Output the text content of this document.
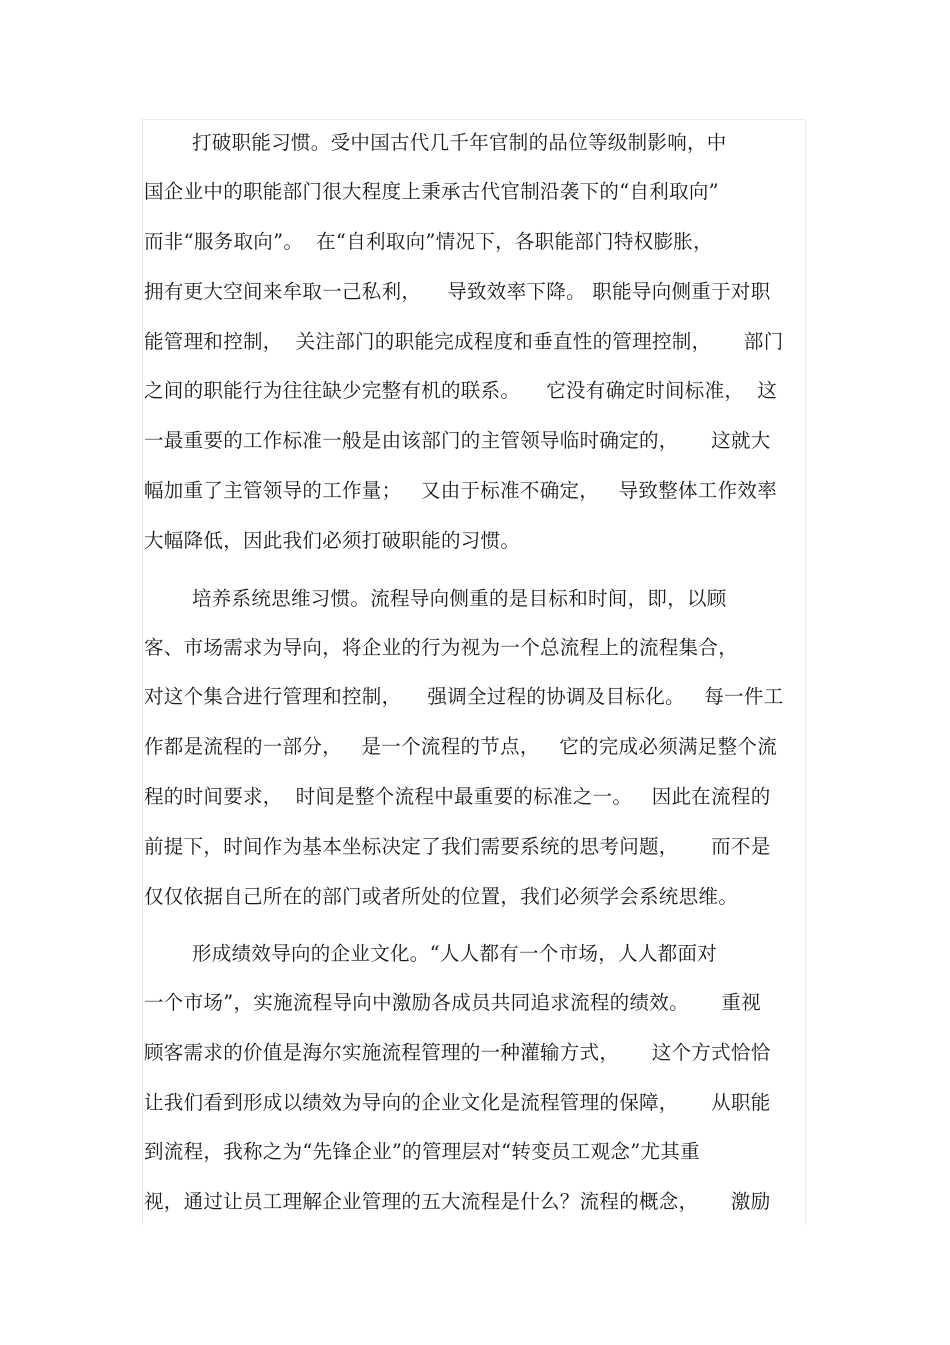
打破职能习惯。受中国古代几千年官制的品位等级制影响，中
国企业中的职能部门很大程度上秉承古代官制沿袭下的“自利取向”
而非“服务取向”。  在“自利取向”情况下，各职能部门特权膨胀，
拥有更大空间来牟取一己私利，    导致效率下降。 职能导向侧重于对职
能管理和控制，  关注部门的职能完成程度和垂直性的管理控制，     部门
之间的职能行为往往缺少完整有机的联系。    它没有确定时间标准，  这
一最重要的工作标准一般是由该部门的主管领导临时确定的，     这就大
幅加重了主管领导的工作量；   又由于标准不确定，   导致整体工作效率
大幅降低，因此我们必须打破职能的习惯。
培养系统思维习惯。流程导向侧重的是目标和时间，即，以顾
客、市场需求为导向，将企业的行为视为一个总流程上的流程集合，
对这个集合进行管理和控制，    强调全过程的协调及目标化。   每一件工
作都是流程的一部分，   是一个流程的节点，   它的完成必须满足整个流
程的时间要求，  时间是整个流程中最重要的标准之一。   因此在流程的
前提下，时间作为基本坐标决定了我们需要系统的思考问题，     而不是
仅仅依据自己所在的部门或者所处的位置，我们必须学会系统思维。
形成绩效导向的企业文化。“人人都有一个市场，人人都面对
一个市场”，实施流程导向中激励各成员共同追求流程的绩效。     重视
顾客需求的价值是海尔实施流程管理的一种灌输方式，     这个方式恰恰
让我们看到形成以绩效为导向的企业文化是流程管理的保障，     从职能
到流程，我称之为“先锋企业”的管理层对“转变员工观念”尤其重
视，通过让员工理解企业管理的五大流程是什么？流程的概念，     激励
